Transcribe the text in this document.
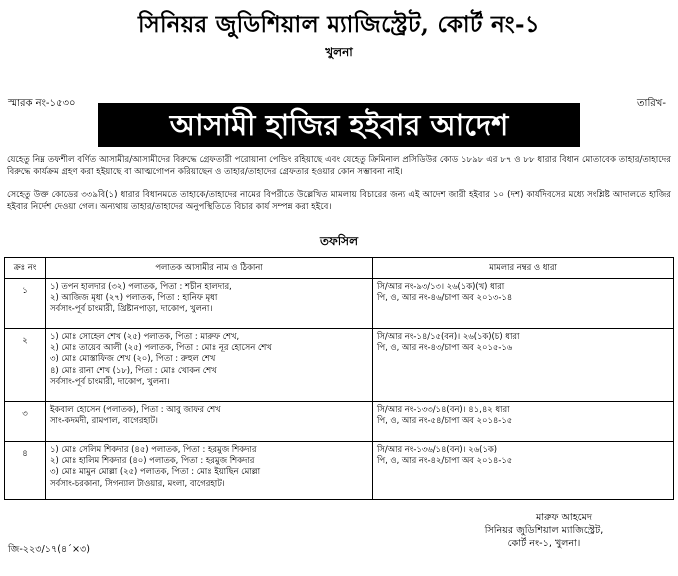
সিনিয়র জুডিশিয়াল ম্যাজিস্ট্রেট, কোর্ট নং-১
খুলনা
স্মারক নং-১৫৩০	তারিখ-
আসামী হাজির হইবার আদেশ
যেহেতু নিম্ন তফশীল বর্ণিত আসামীর/আসামীদের বিরুদ্ধে গ্রেফতারী পরোয়ানা পেন্ডিং রহিয়াছে এবং যেহেতু ক্রিমিনাল প্রসিডিউর কোড ১৮৯৮ এর ৮৭ ও ৮৮ ধারার বিধান মোতাবেক তাহার/তাহাদের বিরুদ্ধে কার্যক্রম গ্রহণ করা হইয়াছে বা আত্মগোপন করিয়াছেন ও তাহার/তাহাদের গ্রেফতার হওয়ার কোন সম্ভাবনা নাই।
সেহেতু উক্ত কোডের ৩৩৯বি(১) ধারার বিধানমতে তাহাকে/তাহাদের নামের বিপরীতে উল্লেখিত মামলায় বিচারের জন্য এই আদেশ জারী হইবার ১০ (দশ) কার্যদিবসের মধ্যে সংশ্লিষ্ট আদালতে হাজির হইবার নির্দেশ দেওয়া গেল। অন্যথায় তাহার/তাহাদের অনুপস্থিতিতে বিচার কার্য সম্পন্ন করা হইবে।
তফসিল
ক্রঃ নং	পলাতক আসামীর নাম ও ঠিকানা	মামলার নম্বর ও ধারা
১	১) তপন হালদার (৩২) পলাতক, পিতা : শচীন হালদার,
২) আজিজ মৃধা (২৭) পলাতক, পিতা : হানিফ মৃধা
সর্বসাং-পূর্ব চাংমারী, খ্রিষ্টানপাড়া, দাকোপ, খুলনা।	সি/আর নং-৯৩/১৩। ২৬(১ক)(খ) ধারা
পি, ও, আর নং-৪৬/চাপা অব ২০১৩-১৪

২	১) মোঃ সোহেল শেখ (২৫) পলাতক, পিতা : মারুফ শেখ,
২) মোঃ তায়েব আলী (২৫) পলাতক, পিতা : মোঃ নূর হোসেন শেখ
৩) মোঃ মোস্তাফিজ শেখ (২০), পিতা : রুহুল শেখ
৪) মোঃ রানা শেখ (১৮), পিতা : মোঃ খোকন শেখ
সর্বসাং-পূর্ব চাংমারী, দাকোপ, খুলনা।	সি/আর নং-১৪/১৫(বন)। ২৬(১ক)(চ) ধারা
পি, ও, আর নং-৪৩/চাপা অব ২০১৫-১৬

৩	ইকবাল হোসেন (পলাতক), পিতা : আবু জাফর শেখ
সাং-কদমদী, রামপাল, বাগেরহাট।	সি/আর নং-১৩৩/১৪(বন)। ৪১,৪২ ধারা
পি, ও, আর নং-৫৪/চাপা অব ২০১৪-১৫

৪	১) মোঃ সেলিম শিকদার (৪৫) পলাতক, পিতা : হরমুজ শিকদার
২) মোঃ হালিম শিকদার (৪০) পলাতক, পিতা : হরমুজ শিকদার
৩) মোঃ মামুন মোল্লা (২৫) পলাতক, পিতা : মোঃ ইয়াছিন মোল্লা
সর্বসাং-চরকানা, সিগন্যাল টাওয়ার, মংলা, বাগেরহাট।	সি/আর নং-১৩৬/১৪(বন)। ২৬(১ক)
পি, ও, আর নং-৪২/চাপা অব ২০১৪-১৫
মারুফ আহমেদ
সিনিয়র জুডিশিয়াল ম্যাজিস্ট্রেট,
কোর্ট নং-১, খুলনা।
জি-২২৩/১৭(৪´×৩)
